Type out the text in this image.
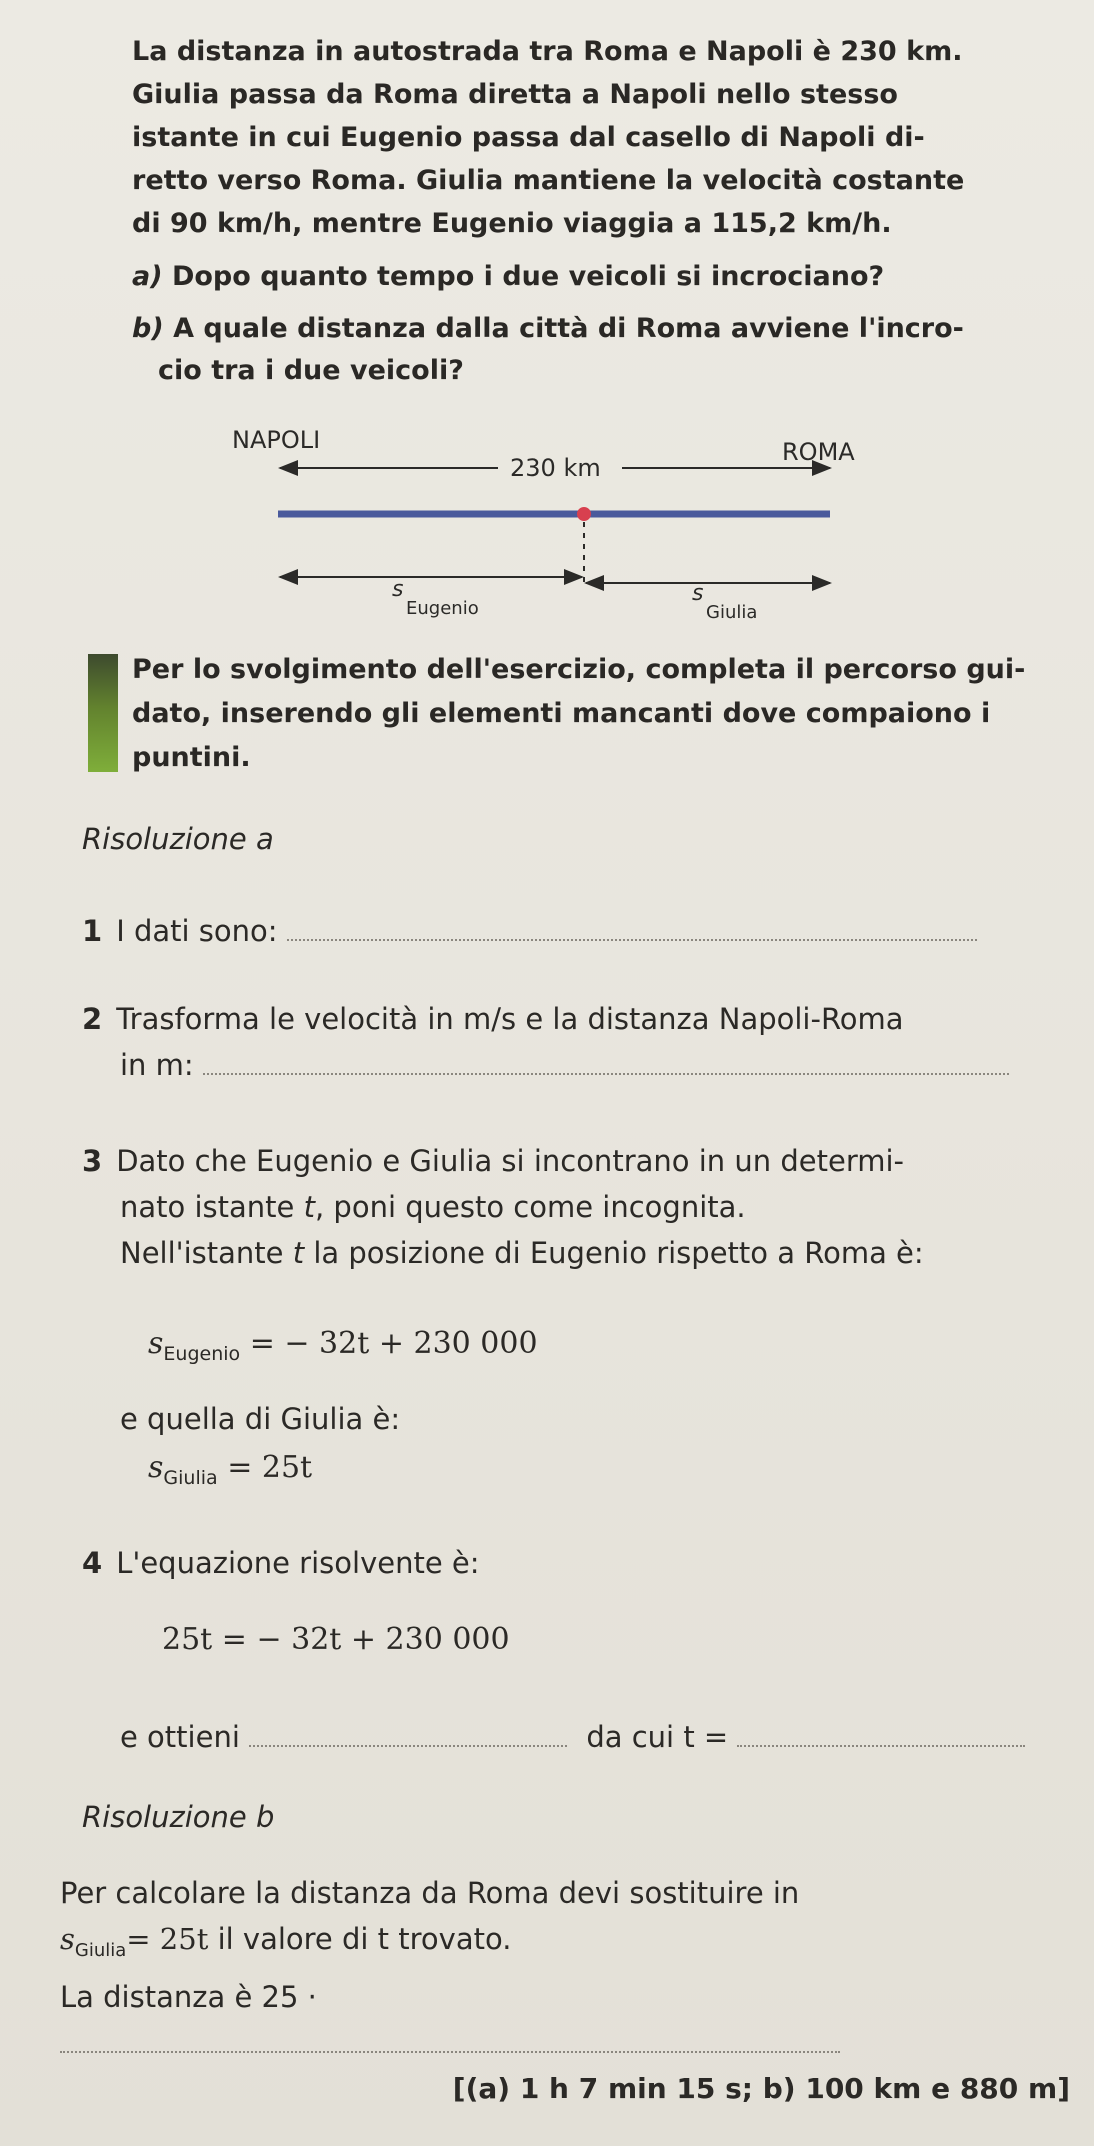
La distanza in autostrada tra Roma e Napoli è 230 km.

Giulia passa da Roma diretta a Napoli nello stesso

istante in cui Eugenio passa dal casello di Napoli di-

retto verso Roma. Giulia mantiene la velocità costante

di 90 km/h, mentre Eugenio viaggia a 115,2 km/h.

a) Dopo quanto tempo i due veicoli si incrociano?
b) A quale distanza dalla città di Roma avviene l'incro-
cio tra i due veicoli?
NAPOLI	ROMA
230 km
s
Eugenio
s
Giulia
Per lo svolgimento dell'esercizio, completa il percorso gui-
dato, inserendo gli elementi mancanti dove compaiono i
puntini.
Risoluzione a
1 I dati sono:
2 Trasforma le velocità in m/s e la distanza Napoli-Roma
in m:
3 Dato che Eugenio e Giulia si incontrano in un determi-
nato istante t, poni questo come incognita.
Nell'istante t la posizione di Eugenio rispetto a Roma è:
$s_{Eugenio}$ = − 32t + 230 000
e quella di Giulia è:
$s_{Giulia} = 25t$
4 L'equazione risolvente è:
25t = − 32t + 230 000
e ottieni	da cui t =
Risoluzione b
Per calcolare la distanza da Roma devi sostituire in
$s_{Giulia}= 25t$ il valore di t trovato.
La distanza è 25 ·
[(a) 1 h 7 min 15 s; b) 100 km e 880 m]
